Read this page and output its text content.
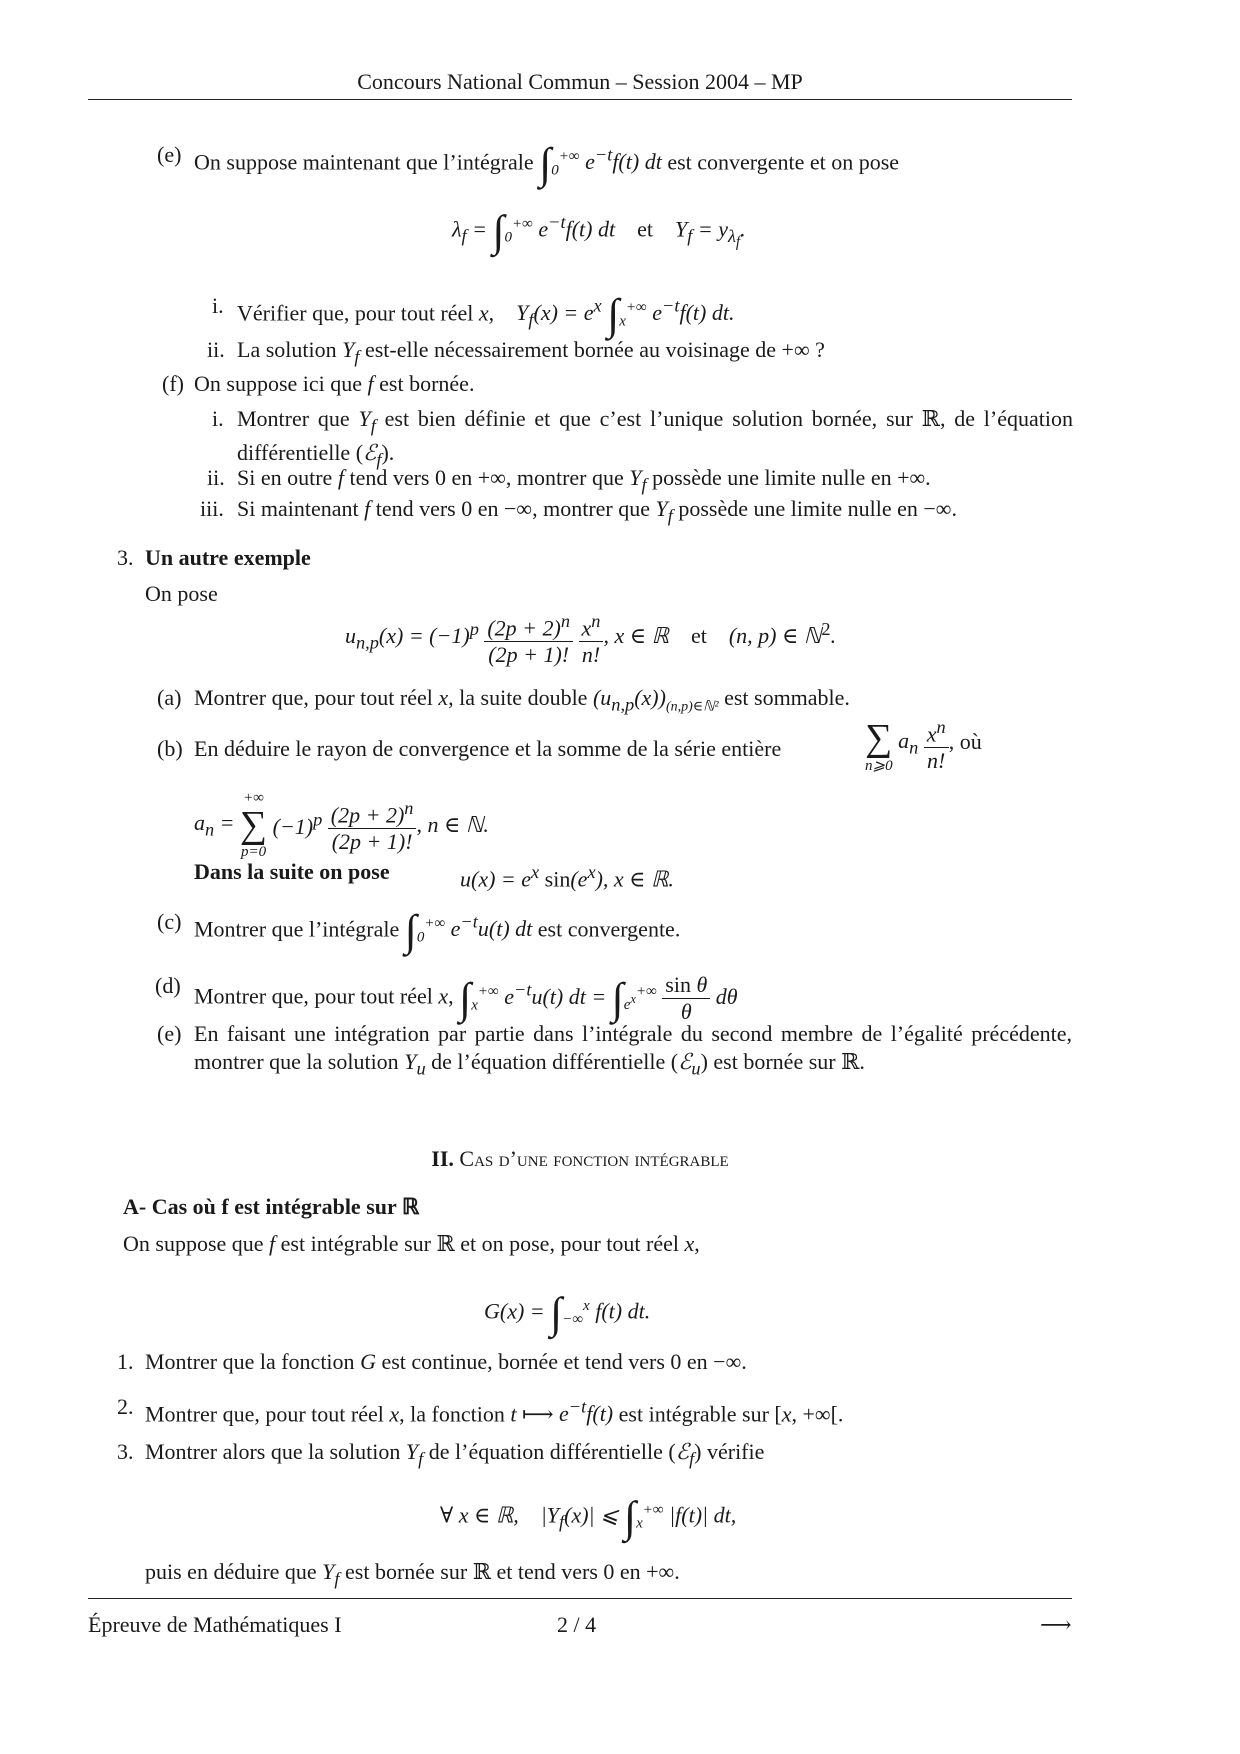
Concours National Commun – Session 2004 – MP
(e) On suppose maintenant que l’intégrale $\int_0^{+\infty}$ $e^{-t}f(t)$ dt est convergente et on pose
$\lambda_f = \int_0^{+\infty}$ $e^{-t}f(t)$ dt    et    $Y_f = y_{\lambda_f}$.
i. Vérifier que, pour tout réel x,    $Y_f(x) = e^x$ $\int_x^{+\infty}$ $e^{-t}f(t)$ dt.
ii. La solution $Y_f$ est-elle nécessairement bornée au voisinage de +∞ ?
(f) On suppose ici que f est bornée.
i. Montrer que $Y_f$ est bien définie et que c’est l’unique solution bornée, sur ℝ, de l’équation différentielle (ℰ$_f$).
ii. Si en outre f tend vers 0 en +∞, montrer que $Y_f$ possède une limite nulle en +∞.
iii. Si maintenant f tend vers 0 en −∞, montrer que $Y_f$ possède une limite nulle en −∞.
3. Un autre exemple
On pose
$u_{n,p}(x) = (-1)^p \frac{(2p + 2)^n}{(2p + 1)!}$
$\frac{x^n}{n!}$ , x ∈ ℝ    et    (n, p) ∈ ℕ$^2$.
(a) Montrer que, pour tout réel x, la suite double $(u_{n,p}(x))_{(n,p)\in ℕ^2}$ est sommable.
(b) En déduire le rayon de convergence et la somme de la série entière ∑
n⩾0
$a_n \frac{x^n}{n!}$ , où
$a_n$ =
+∞
∑
p=0
$(-1)^p \frac{(2p + 2)^n}{(2p + 1)!}$ , n ∈ ℕ.
Dans la suite on pose	$u(x) = e^x$ $\sin(e^x)$, x ∈ ℝ.
(c) Montrer que l’intégrale $\int_0^{+\infty}$ $e^{-t}u(t)$ dt est convergente.
(d) Montrer que, pour tout réel x, $\int_x^{+\infty}$ $e^{-t}u(t)$ dt = $\int_{e^x}^{+\infty} \frac{\text{sin θ}}{\theta}$ dθ
(e) En faisant une intégration par partie dans l’intégrale du second membre de l’égalité précédente, montrer que la solution $Y_u$ de l’équation différentielle (ℰ$_u$) est bornée sur ℝ.
II. Cas d’une fonction intégrable
A- Cas où f est intégrable sur ℝ
On suppose que f est intégrable sur ℝ et on pose, pour tout réel x,
$G(x) = \int_{-\infty}^x$ f(t) dt.
1. Montrer que la fonction G est continue, bornée et tend vers 0 en −∞.
2. Montrer que, pour tout réel x, la fonction t ⟼ $e^{-t}f(t)$ est intégrable sur [x, +∞[.
3. Montrer alors que la solution $Y_f$ de l’équation différentielle (ℰ$_f$) vérifie
∀ x ∈ ℝ,    $|Y_f(x)|$ ⩽ $\int_x^{+\infty}$ |f(t)| dt,
puis en déduire que $Y_f$ est bornée sur ℝ et tend vers 0 en +∞.
Épreuve de Mathématiques I	2 / 4	⟶
